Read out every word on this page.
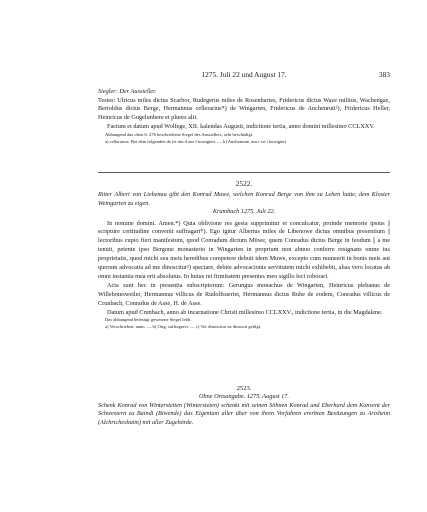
1275. Juli 22 und August 17.	383

Siegler: Der Aussteller.

Testes: Ulricus miles dictus Scarbor, Rudegerus miles de Rosenhartes, Fridericus dictus Waze militus, Wachengaz, Bertoldus dictus Berge, Hermannus cellerarius*) de Wingarten, Fridericus de Anchenruti²), Fridericus Heller, Heinricus de Gugelunbere et plures alii.

Factum et datum apud Wolfege, XII. kalendas Augusti, indictione tertia, anno domini millesimo CCLXXV.

Abhangend das oben S. 276 beschriebene Siegel des Ausstellers, sehr beschädigt.

a) cellerarius. Bei dem folgenden de ist das d aus f korrigiert. — b) Anchenrute, aus r ist i korrigiert.

2522.

Ritter Albert von Liebenau gibt den Konrad Muwe, welchen Konrad Berge von ihm zu Lehen hatte, dem Kloster Weingarten zu eigen.

Krumbach 1275. Juli 22.

In nomine domini. Amen.*) Quia oblivione res gesta supprimitur et conculcatur, proinde memorie ipsius || scripture certitudine convenit suffragari*). Ego igitur Albertus miles de Libenowe dictus omnibus presentium || lectoribus cupio fieri manifestum, quod Conradum dictum Müwe, quem Conradus dictus Berge in feodum || a me tenuit, petente ipso Bergone monasterio in Wingarten in proprium non abnuo conferre resignans omne ius proprietatis, quod michi seu meis heredibus competere debuit idem Muwe, excepto cum muneerit in bonis meis aut quorum advocatia ad me dinoscitur²) spectare, debite advocacionis servitutem michi exhibebit, alias vero locatus ab omni instantia mea erit absolutus. In huius rei firmitatem presentes meo sigillo feci roborari.

Acta sunt hec in presentia subscriptorum: Gerungus monachus de Wingarten, Heinricus plebanus de Willebotesweiler, Hermannus villicus de Rudolfsueriet, Hermannus dictus Ruhe de eodem, Conradus villicus de Crunbach, Conradus de Asse, H. de Asse.

Datum apud Crunbach, anno ab incarnatione Christi millesimo CCLXXV., indictione tertia, in die Magdalene.

Das abhangend befestigt gewesene Siegel fehlt.

a) Verschrieben: anno. — b) Orig. suffragravi. — c) Vor dinoscitur ist dinoscit getilgt.

2523.

Ohne Ortsangabe. 1275. August 17.

Schenk Konrad von Winterstetten (Wintersteten) schenkt mit seinen Söhnen Konrad und Eberhard dem Konvent der Schwestern zu Baindt (Biwende) das Eigentum aller über von ihren Vorfahren ererbten Besitzungen zu Arisheim (Alchricheshaim) mit aller Zugehörde.
